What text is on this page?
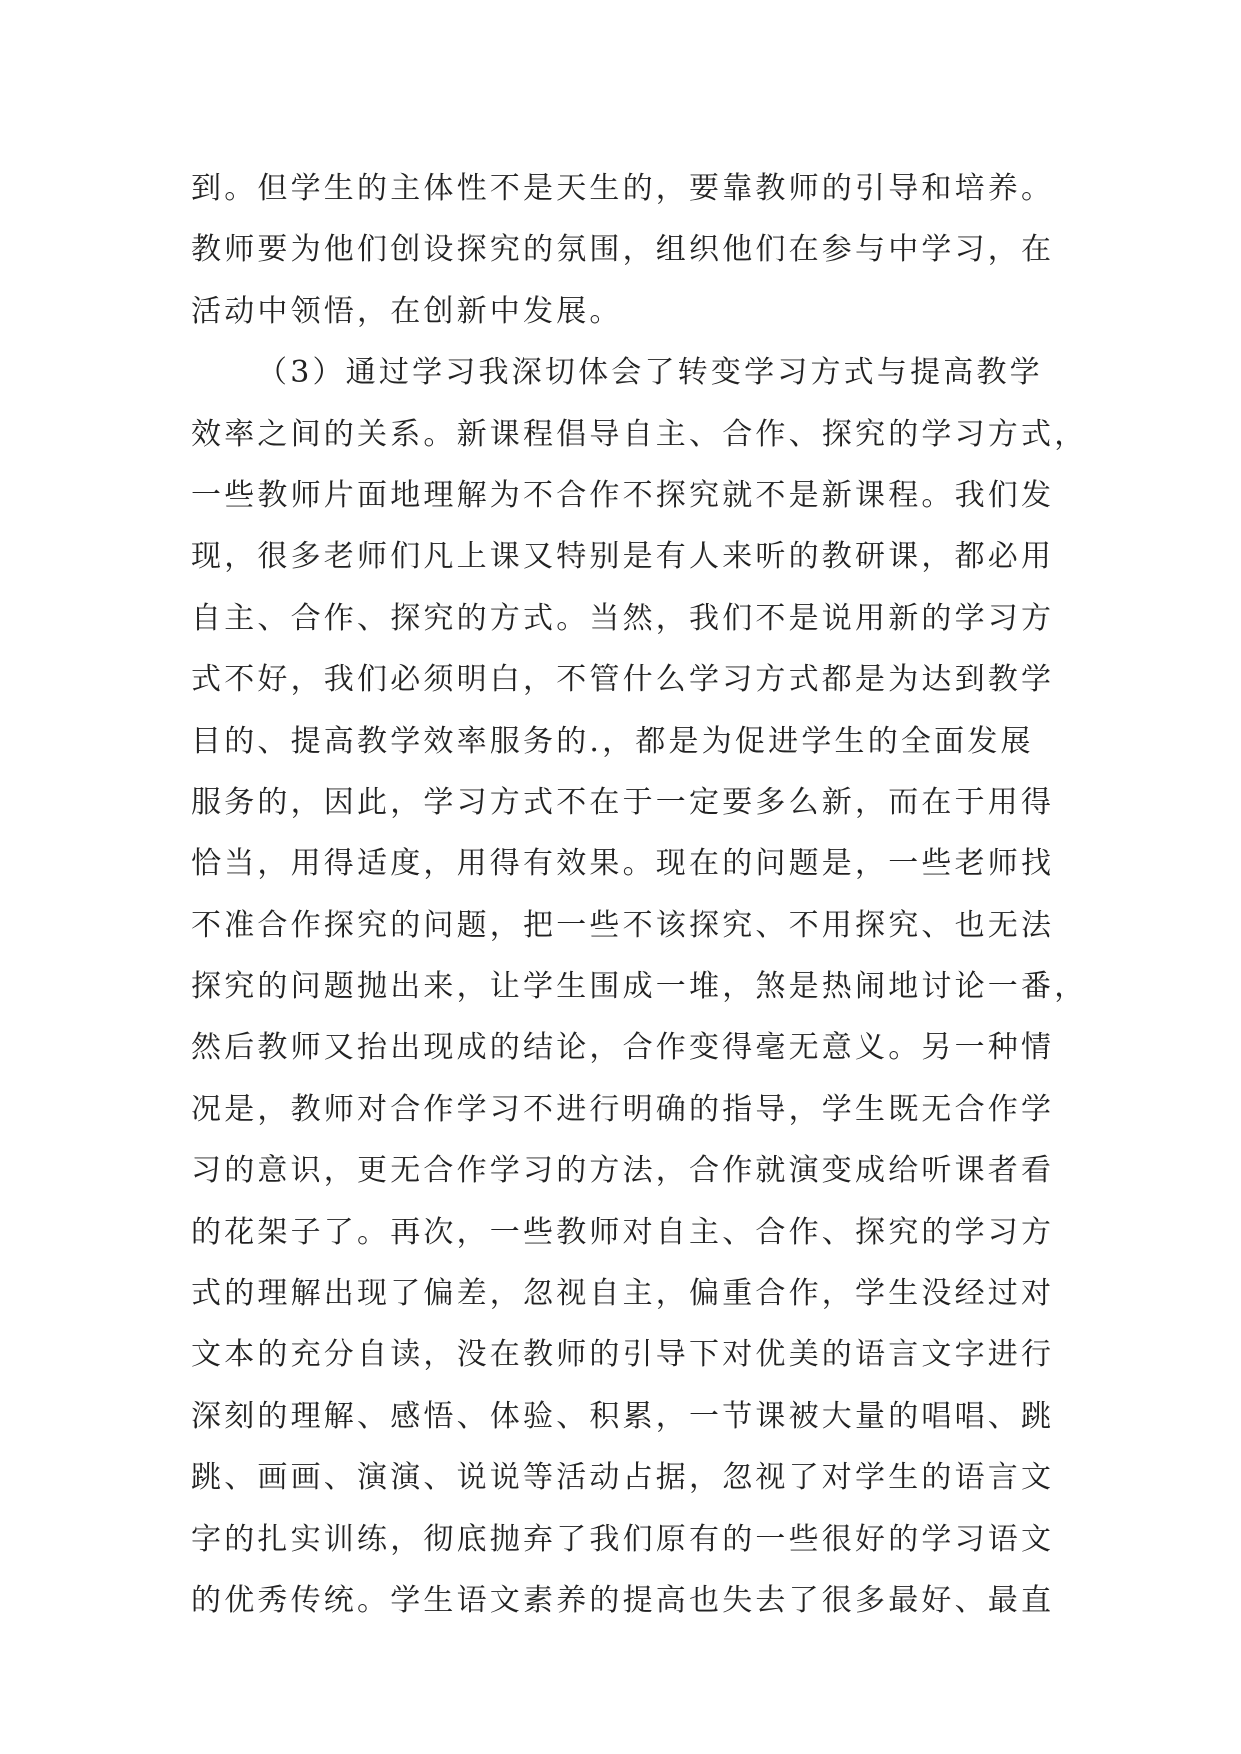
到。但学生的主体性不是天生的，要靠教师的引导和培养。
教师要为他们创设探究的氛围，组织他们在参与中学习，在
活动中领悟，在创新中发展。
（3）通过学习我深切体会了转变学习方式与提高教学
效率之间的关系。新课程倡导自主、合作、探究的学习方式，
一些教师片面地理解为不合作不探究就不是新课程。我们发
现，很多老师们凡上课又特别是有人来听的教研课，都必用
自主、合作、探究的方式。当然，我们不是说用新的学习方
式不好，我们必须明白，不管什么学习方式都是为达到教学
目的、提高教学效率服务的.，都是为促进学生的全面发展
服务的，因此，学习方式不在于一定要多么新，而在于用得
恰当，用得适度，用得有效果。现在的问题是，一些老师找
不准合作探究的问题，把一些不该探究、不用探究、也无法
探究的问题抛出来，让学生围成一堆，煞是热闹地讨论一番，
然后教师又抬出现成的结论，合作变得毫无意义。另一种情
况是，教师对合作学习不进行明确的指导，学生既无合作学
习的意识，更无合作学习的方法，合作就演变成给听课者看
的花架子了。再次，一些教师对自主、合作、探究的学习方
式的理解出现了偏差，忽视自主，偏重合作，学生没经过对
文本的充分自读，没在教师的引导下对优美的语言文字进行
深刻的理解、感悟、体验、积累，一节课被大量的唱唱、跳
跳、画画、演演、说说等活动占据，忽视了对学生的语言文
字的扎实训练，彻底抛弃了我们原有的一些很好的学习语文
的优秀传统。学生语文素养的提高也失去了很多最好、最直
